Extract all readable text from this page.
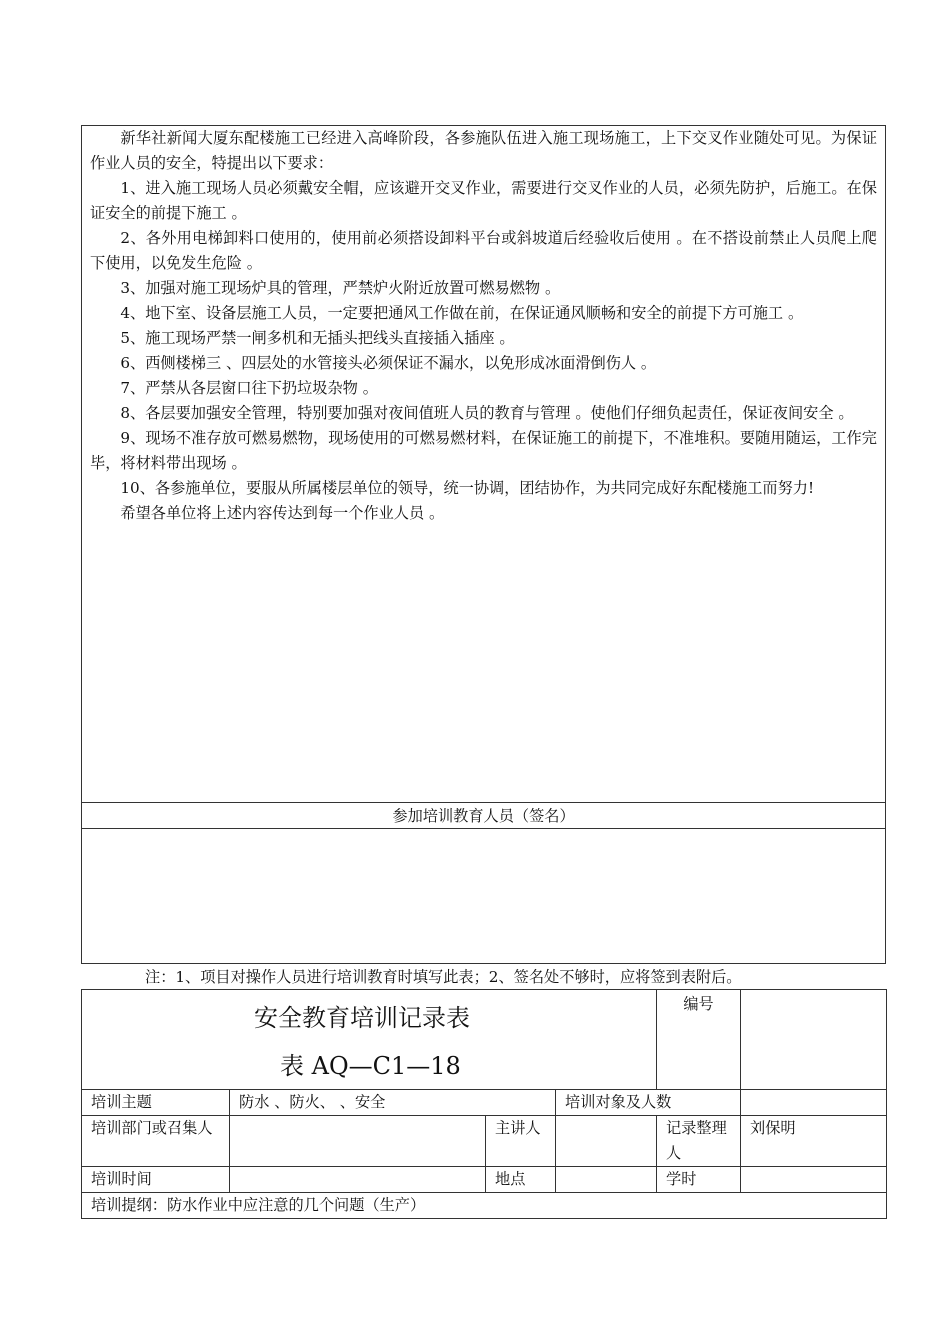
新华社新闻大厦东配楼施工已经进入高峰阶段，各参施队伍进入施工现场施工，上下交叉作业随处可见。为保证作业人员的安全，特提出以下要求：

1、进入施工现场人员必须戴安全帽，应该避开交叉作业，需要进行交叉作业的人员，必须先防护，后施工。在保证安全的前提下施工 。

2、各外用电梯卸料口使用的，使用前必须搭设卸料平台或斜坡道后经验收后使用 。在不搭设前禁止人员爬上爬下使用，以免发生危险 。

3、加强对施工现场炉具的管理，严禁炉火附近放置可燃易燃物 。

4、地下室、设备层施工人员，一定要把通风工作做在前，在保证通风顺畅和安全的前提下方可施工 。

5、施工现场严禁一闸多机和无插头把线头直接插入插座 。

6、西侧楼梯三 、四层处的水管接头必须保证不漏水，以免形成冰面滑倒伤人 。

7、严禁从各层窗口往下扔垃圾杂物 。

8、各层要加强安全管理，特别要加强对夜间值班人员的教育与管理 。使他们仔细负起责任，保证夜间安全 。

9、现场不准存放可燃易燃物，现场使用的可燃易燃材料，在保证施工的前提下，不准堆积。要随用随运，工作完毕，将材料带出现场 。

10、各参施单位，要服从所属楼层单位的领导，统一协调，团结协作，为共同完成好东配楼施工而努力!

希望各单位将上述内容传达到每一个作业人员 。

参加培训教育人员（签名）
注：1、项目对操作人员进行培训教育时填写此表；2、签名处不够时，应将签到表附后。
安全教育培训记录表
表 AQ—C1—18				编号	
培训主题	防水 、防火、 、安全		培训对象及人数		
培训部门或召集人		主讲人		记录整理人	刘保明
培训时间		地点		学时	
培训提纲：防水作业中应注意的几个问题（生产）					
